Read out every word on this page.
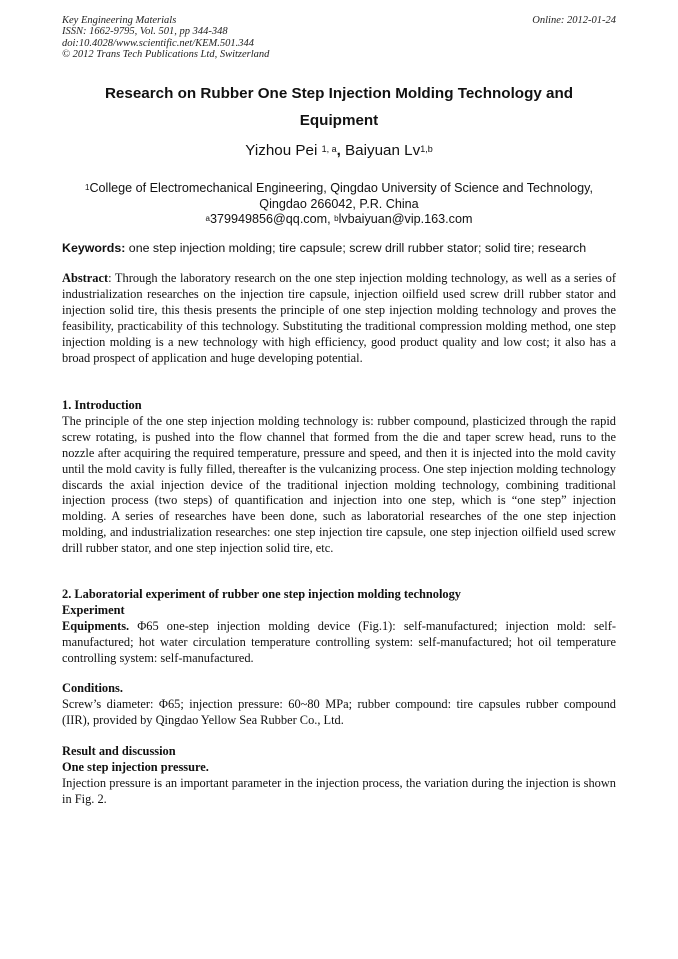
Key Engineering Materials
ISSN: 1662-9795, Vol. 501, pp 344-348
doi:10.4028/www.scientific.net/KEM.501.344
© 2012 Trans Tech Publications Ltd, Switzerland
Online: 2012-01-24
Research on Rubber One Step Injection Molding Technology and
Equipment
Yizhou Pei $^{1, a}$, Baiyuan Lv$^{1,b}$
$^1$College of Electromechanical Engineering, Qingdao University of Science and Technology,
Qingdao 266042, P.R. China
$^a$379949856@qq.com, $^b$lvbaiyuan@vip.163.com
Keywords: one step injection molding; tire capsule; screw drill rubber stator; solid tire; research

Abstract: Through the laboratory research on the one step injection molding technology, as well as a series of industrialization researches on the injection tire capsule, injection oilfield used screw drill rubber stator and injection solid tire, this thesis presents the principle of one step injection molding technology and proves the feasibility, practicability of this technology. Substituting the traditional compression molding method, one step injection molding is a new technology with high efficiency, good product quality and low cost; it also has a broad prospect of application and huge developing potential.

1. Introduction

The principle of the one step injection molding technology is: rubber compound, plasticized through the rapid screw rotating, is pushed into the flow channel that formed from the die and taper screw head, runs to the nozzle after acquiring the required temperature, pressure and speed, and then it is injected into the mold cavity until the mold cavity is fully filled, thereafter is the vulcanizing process. One step injection molding technology discards the axial injection device of the traditional injection molding technology, combining traditional injection process (two steps) of quantification and injection into one step, which is “one step” injection molding. A series of researches have been done, such as laboratorial researches of the one step injection molding, and industrialization researches: one step injection tire capsule, one step injection oilfield used screw drill rubber stator, and one step injection solid tire, etc.

2. Laboratorial experiment of rubber one step injection molding technology

Experiment

Equipments. Φ65 one-step injection molding device (Fig.1): self-manufactured; injection mold: self-manufactured; hot water circulation temperature controlling system: self-manufactured; hot oil temperature controlling system: self-manufactured.

Conditions.

Screw’s diameter: Φ65; injection pressure: 60~80 MPa; rubber compound: tire capsules rubber compound (IIR), provided by Qingdao Yellow Sea Rubber Co., Ltd.

Result and discussion

One step injection pressure.

Injection pressure is an important parameter in the injection process, the variation during the injection is shown in Fig. 2.
